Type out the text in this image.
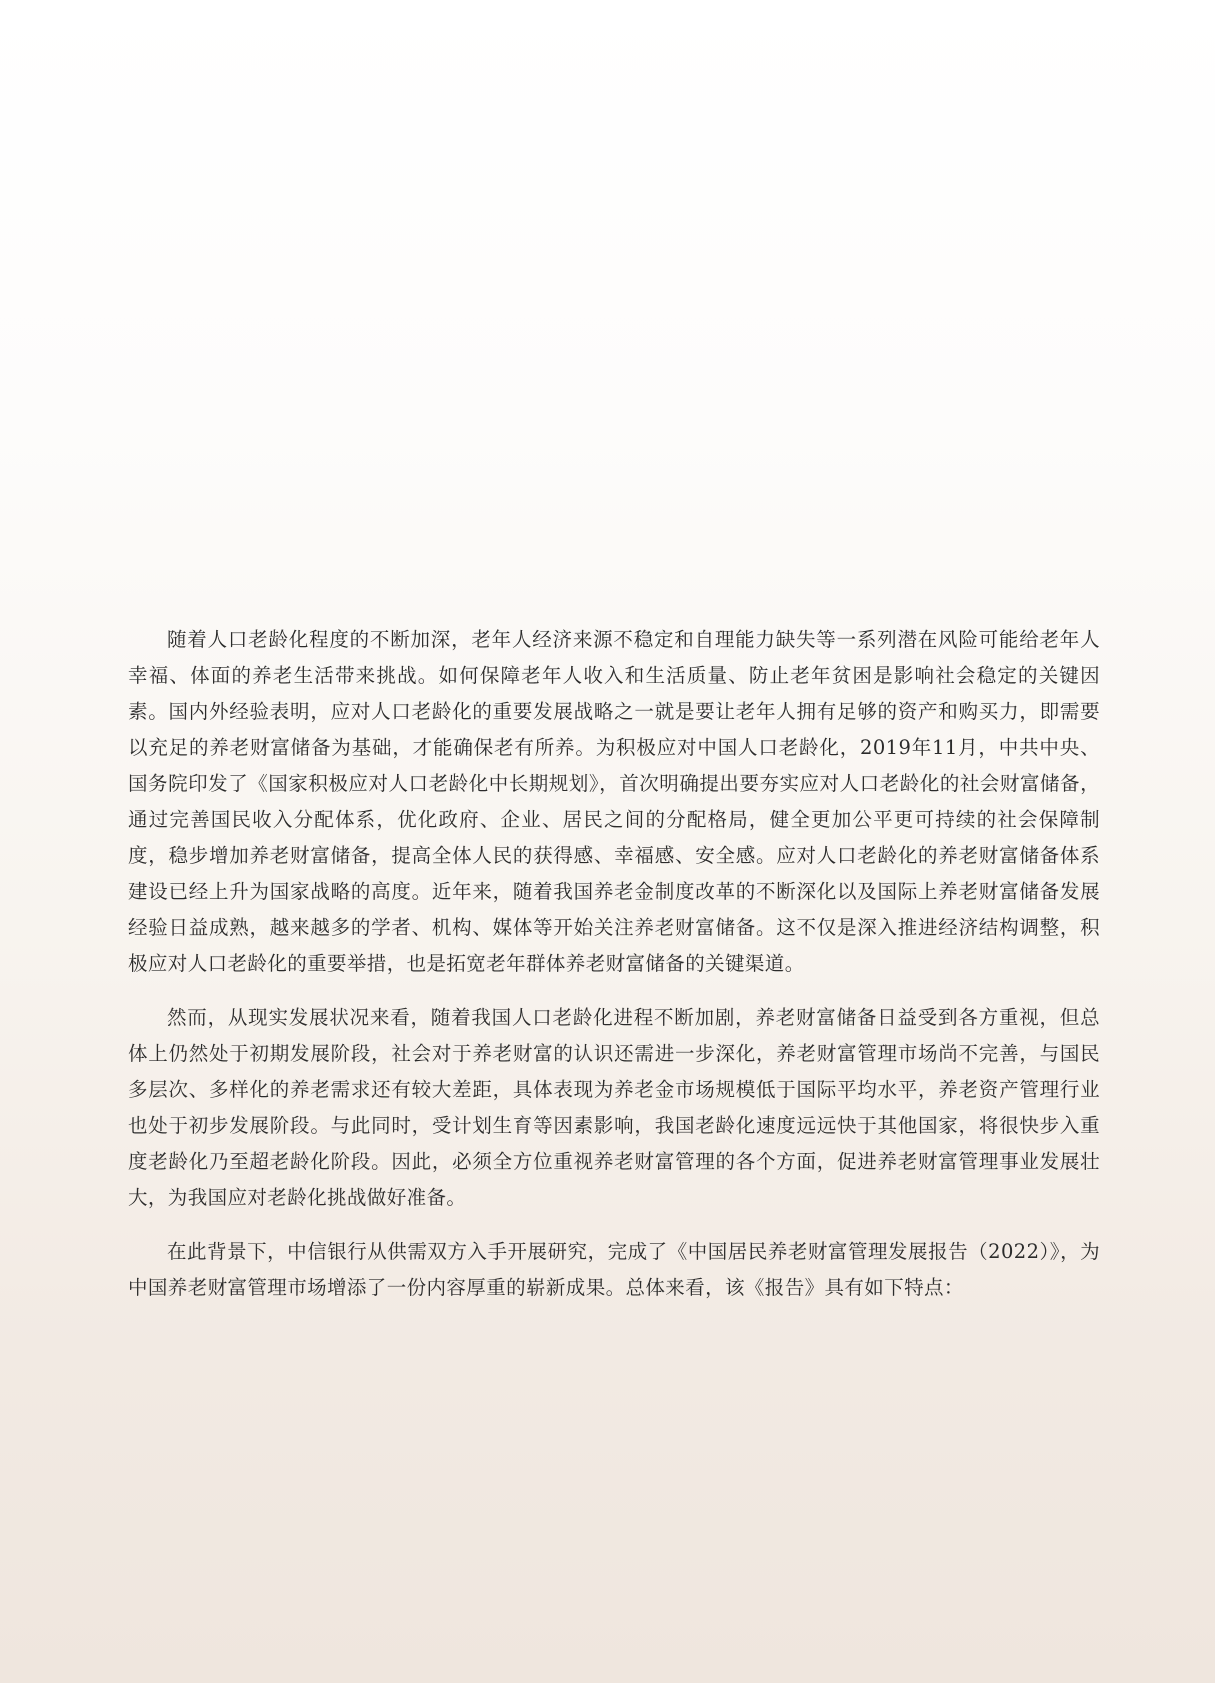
随着人口老龄化程度的不断加深，老年人经济来源不稳定和自理能力缺失等一系列潜在风险可能给老年人幸福、体面的养老生活带来挑战。如何保障老年人收入和生活质量、防止老年贫困是影响社会稳定的关键因素。国内外经验表明，应对人口老龄化的重要发展战略之一就是要让老年人拥有足够的资产和购买力，即需要以充足的养老财富储备为基础，才能确保老有所养。为积极应对中国人口老龄化，2019年11月，中共中央、国务院印发了《国家积极应对人口老龄化中长期规划》，首次明确提出要夯实应对人口老龄化的社会财富储备，通过完善国民收入分配体系，优化政府、企业、居民之间的分配格局，健全更加公平更可持续的社会保障制度，稳步增加养老财富储备，提高全体人民的获得感、幸福感、安全感。应对人口老龄化的养老财富储备体系建设已经上升为国家战略的高度。近年来，随着我国养老金制度改革的不断深化以及国际上养老财富储备发展经验日益成熟，越来越多的学者、机构、媒体等开始关注养老财富储备。这不仅是深入推进经济结构调整，积极应对人口老龄化的重要举措，也是拓宽老年群体养老财富储备的关键渠道。

然而，从现实发展状况来看，随着我国人口老龄化进程不断加剧，养老财富储备日益受到各方重视，但总体上仍然处于初期发展阶段，社会对于养老财富的认识还需进一步深化，养老财富管理市场尚不完善，与国民多层次、多样化的养老需求还有较大差距，具体表现为养老金市场规模低于国际平均水平，养老资产管理行业也处于初步发展阶段。与此同时，受计划生育等因素影响，我国老龄化速度远远快于其他国家，将很快步入重度老龄化乃至超老龄化阶段。因此，必须全方位重视养老财富管理的各个方面，促进养老财富管理事业发展壮大，为我国应对老龄化挑战做好准备。

在此背景下，中信银行从供需双方入手开展研究，完成了《中国居民养老财富管理发展报告（2022）》，为中国养老财富管理市场增添了一份内容厚重的崭新成果。总体来看，该《报告》具有如下特点：
